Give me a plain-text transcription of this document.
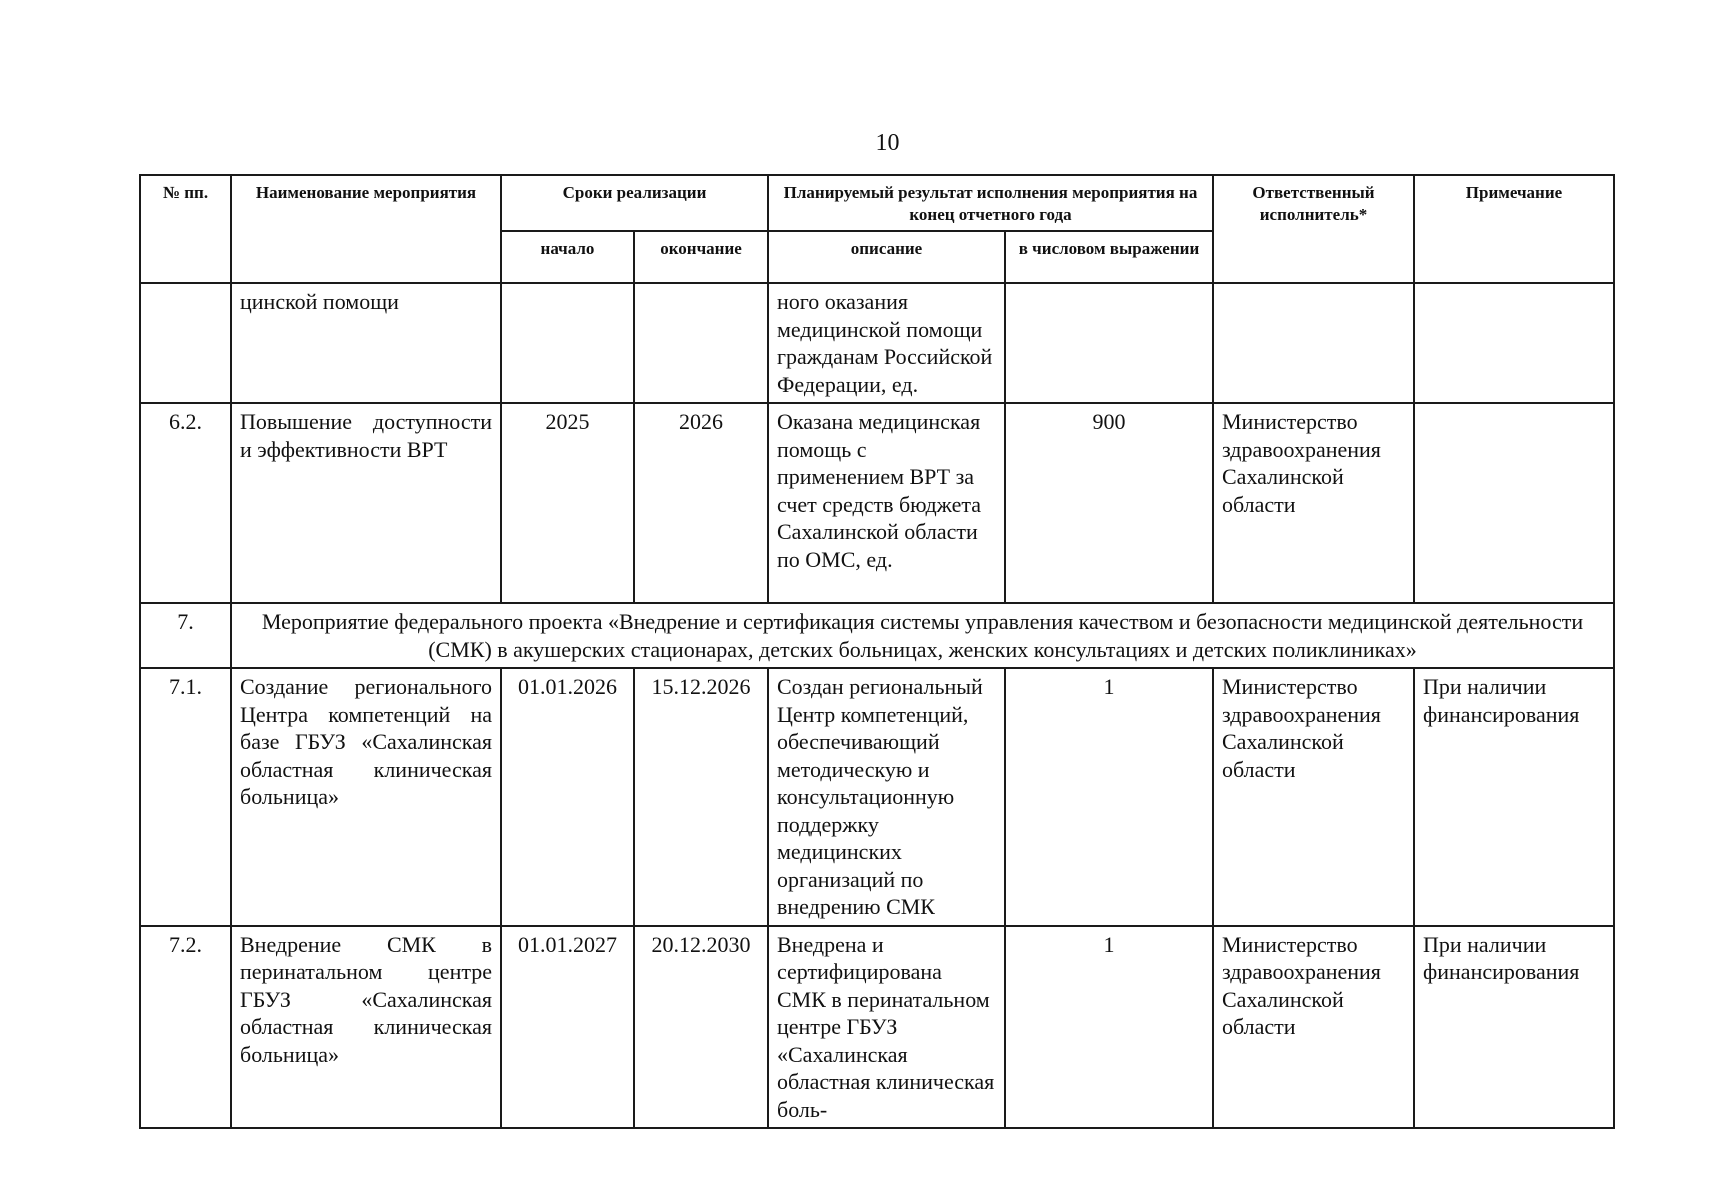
10
№ пп.	Наименование мероприятия	Сроки реализации		Планируемый результат исполнения мероприятия на конец отчетного года		Ответственный исполнитель*	Примечание
		начало	окончание	описание	в числовом выражении		
	цинской помощи			ного оказания медицинской помощи гражданам Российской Федерации, ед.			
6.2.	Повышение доступности и эффективности ВРТ	2025	2026	Оказана медицинская помощь с применением ВРТ за счет средств бюджета Сахалинской области по ОМС, ед.	900	Министерство здравоохранения Сахалинской области	
7.	Мероприятие федерального проекта «Внедрение и сертификация системы управления качеством и безопасности медицинской деятельности (СМК) в акушерских стационарах, детских больницах, женских консультациях и детских поликлиниках»						
7.1.	Создание регионального Центра компетенций на базе ГБУЗ «Сахалинская областная клиническая больница»	01.01.2026	15.12.2026	Создан региональный Центр компетенций, обеспечивающий методическую и консультационную поддержку медицинских организаций по внедрению СМК	1	Министерство здравоохранения Сахалинской области	При наличии финансирования
7.2.	Внедрение СМК в перинатальном центре ГБУЗ «Сахалинская областная клиническая больница»	01.01.2027	20.12.2030	Внедрена и сертифицирована СМК в перинатальном центре ГБУЗ «Сахалинская областная клиническая боль-	1	Министерство здравоохранения Сахалинской области	При наличии финансирования
